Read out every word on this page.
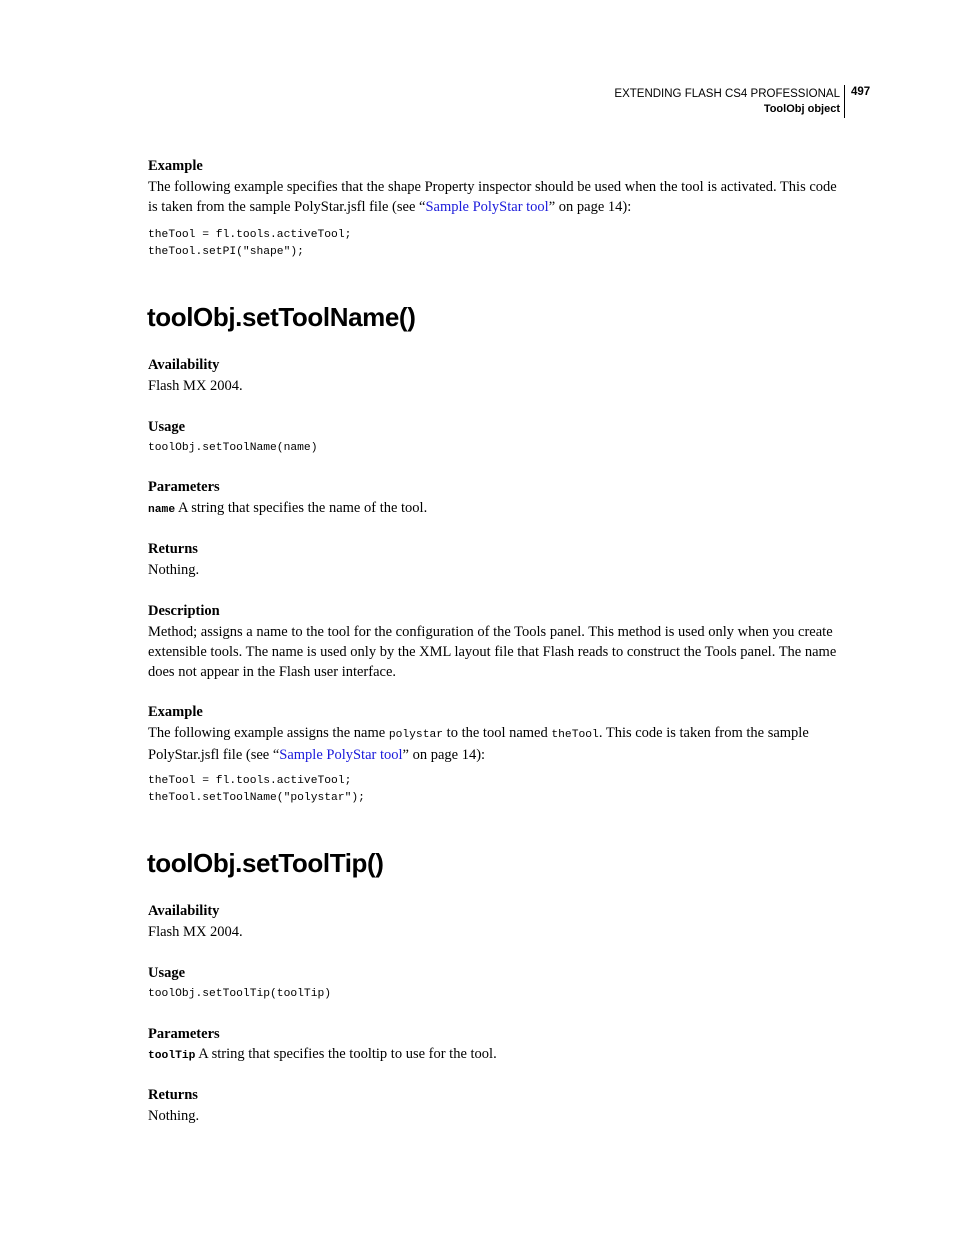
EXTENDING FLASH CS4 PROFESSIONAL
ToolObj object
497
Example
The following example specifies that the shape Property inspector should be used when the tool is activated. This code is taken from the sample PolyStar.jsfl file (see “Sample PolyStar tool” on page 14):
theTool = fl.tools.activeTool;
theTool.setPI("shape");
toolObj.setToolName()
Availability
Flash MX 2004.
Usage
toolObj.setToolName(name)
Parameters
name A string that specifies the name of the tool.
Returns
Nothing.
Description
Method; assigns a name to the tool for the configuration of the Tools panel. This method is used only when you create extensible tools. The name is used only by the XML layout file that Flash reads to construct the Tools panel. The name does not appear in the Flash user interface.
Example
The following example assigns the name polystar to the tool named theTool. This code is taken from the sample PolyStar.jsfl file (see “Sample PolyStar tool” on page 14):
theTool = fl.tools.activeTool;
theTool.setToolName("polystar");
toolObj.setToolTip()
Availability
Flash MX 2004.
Usage
toolObj.setToolTip(toolTip)
Parameters
toolTip A string that specifies the tooltip to use for the tool.
Returns
Nothing.
